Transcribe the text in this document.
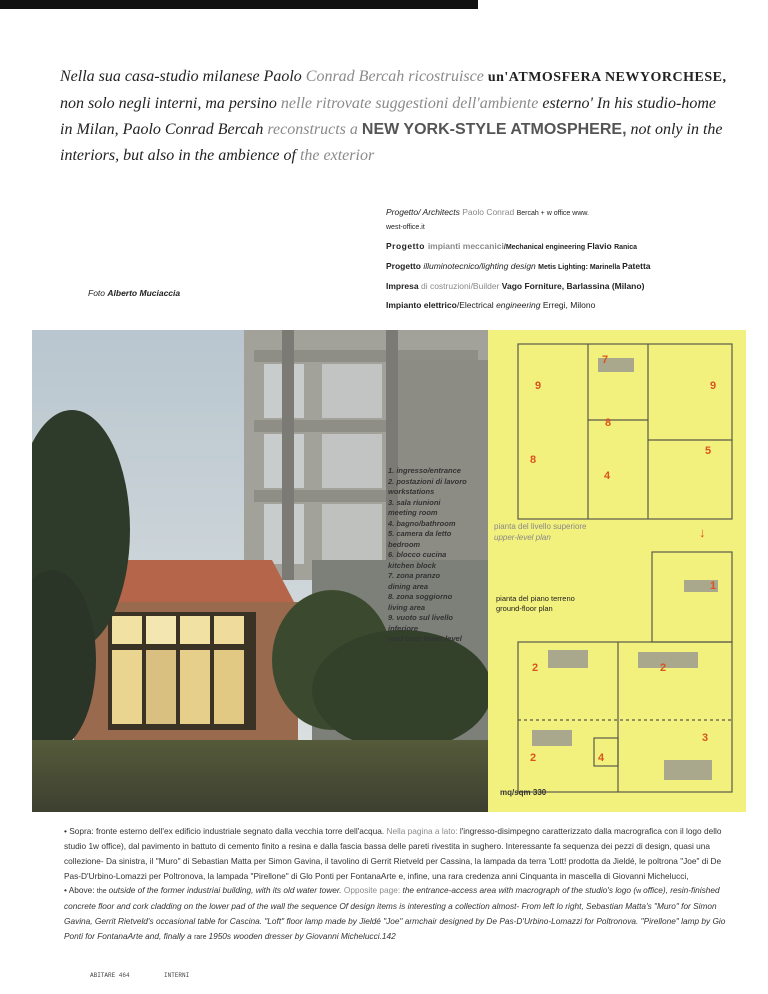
Nella sua casa-studio milanese Paolo Conrad Bercah ricostruisce un'ATMOSFERA NEWYORCHESE,
non solo negli interni, ma persino nelle ritrovate suggestioni dell'ambiente esterno' In his studio-home
in Milan, Paolo Conrad Bercah reconstructs a NEW YORK-STYLE ATMOSPHERE, not only in the
interiors, but also in the ambience of the exterior
Progetto/ Architects Paolo Conrad Bercah + w office www.
west-office.it
Progetto impianti meccanici/Mechanical engineering Flavio Ranica
Progetto illuminotecnico/lighting design Metis Lighting: Marinella Patetta
Impresa di costruzioni/Builder Vago Forniture, Barlassina (Milano)
Impianto elettrico/Electrical engineering Erregi, Milono
Foto Alberto Muciaccia
7
9	9
8
8
5
4
1
2	2
3
2	4
↓
1. ingresso/entrance
2. postazioni di lavoro
workstations
3. sala riunioni
meeting room
4. bagno/bathroom
5. camera da letto
bedroom
6. blocco cucina
kitchen block
7. zona pranzo
dining area
8. zona soggiorno
living area
9. vuoto sul livello
inferiore
void over lower level
pianta del livello superiore
upper-level plan
pianta del piano terreno
ground-floor plan
mq/sqm 330
• Sopra: fronte esterno dell'ex edificio industriale segnato dalla vecchia torre dell'acqua. Nella pagina a lato: l'ingresso-disimpegno caratterizzato dalla macrografica con il logo dello studio 1w office), dal pavimento in battuto di cemento finito a resina e dalla fascia bassa delle pareti rivestita in sughero. Interessante fa sequenza dei pezzi di design, quasi una collezione- Da sinistra, il "Muro" di Sebastian Matta per Simon Gavina, il tavolino di Gerrit Rietveld per Cassina, la lampada da terra 'Lott! prodotta da Jieldé, le poltrona "Joe" di De Pas-D'Urbino-Lomazzi per Poltronova, la lampada "Pirellone" di Glo Ponti per FontanaArte e, infine, una rara credenza anni Cinquanta in mascella di Giovanni Michelucci,
• Above: the outside of the former industriai building, with its old water tower. Opposite page: the entrance-access area with macrograph of the studio's logo (w office), resin-finished concrete floor and cork cladding on the lower pad of the wall the sequence Of design items is interesting a collection almost- From left lo right, Sebastian Matta's "Muro" for Simon Gavina, Gerrit Rietveld's occasional table for Cascina. "Loft" floor lamp made by Jieldé "Joe" armchair designed by De Pas-D'Urbino-Lomazzi for Poltronova. "Pirellone" lamp by Gio Ponti for FontanaArte and, finally a rare 1950s wooden dresser by Giovanni Michelucci.142
ABITARE 464	INTERNI
